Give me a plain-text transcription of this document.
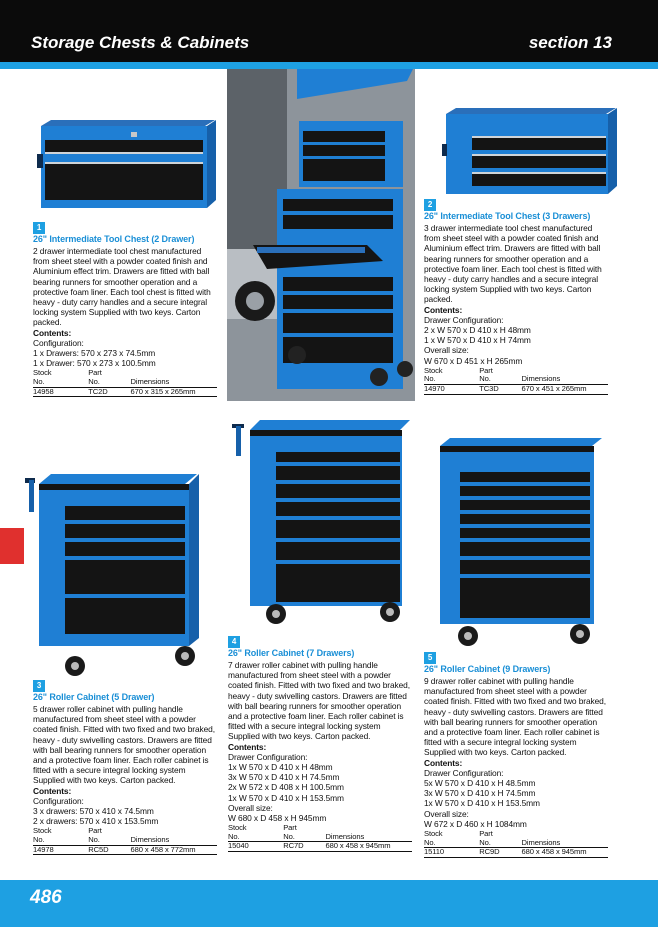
Storage Chests & Cabinets	section 13
1
26" Intermediate Tool Chest (2 Drawer)
2 drawer intermediate tool chest manufactured from sheet steel with a powder coated finish and Aluminium effect trim. Drawers are fitted with ball bearing runners for smoother operation and a protective foam liner. Each tool chest is fitted with heavy - duty carry handles and a secure integral locking system Supplied with two keys. Carton packed.
Contents:
Configuration:
1 x Drawers: 570 x 273 x 74.5mm
1 x Drawer: 570 x 273 x 100.5mm
Stock
No.	Part
No.	Dimensions
14958	TC2D	670 x 315 x 265mm
2
26" Intermediate Tool Chest (3 Drawers)
3 drawer intermediate tool chest manufactured from sheet steel with a powder coated finish and Aluminium effect trim. Drawers are fitted with ball bearing runners for smoother operation and a protective foam liner. Each tool chest is fitted with heavy - duty carry handles and a secure integral locking system Supplied with two keys. Carton packed.
Contents:
Drawer Configuration:
2 x W 570 x D 410 x H 48mm
1 x W 570 x D 410 x H 74mm
Overall size:
W 670 x D 451 x H 265mm
Stock
No.	Part
No.	Dimensions
14970	TC3D	670 x 451 x 265mm
3
26" Roller Cabinet (5 Drawer)
5 drawer roller cabinet with pulling handle manufactured from sheet steel with a powder coated finish. Fitted with two fixed and two braked, heavy - duty swivelling castors. Drawers are fitted with ball bearing runners for smoother operation and a protective foam liner. Each roller cabinet is fitted with a secure integral locking system Supplied with two keys. Carton packed.
Contents:
Configuration:
3 x drawers: 570 x 410 x 74.5mm
2 x drawers: 570 x 410 x 153.5mm
Stock
No.	Part
No.	Dimensions
14978	RC5D	680 x 458 x 772mm
4
26" Roller Cabinet (7 Drawers)
7 drawer roller cabinet with pulling handle manufactured from sheet steel with a powder coated finish. Fitted with two fixed and two braked, heavy - duty swivelling castors. Drawers are fitted with ball bearing runners for smoother operation and a protective foam liner. Each roller cabinet is fitted with a secure integral locking system Supplied with two keys. Carton packed.
Contents:
Drawer Configuration:
1x W 570 x D 410 x H 48mm
3x W 570 x D 410 x H 74.5mm
2x W 572 x D 408 x H 100.5mm
1x W 570 x D 410 x H 153.5mm
Overall size:
W 680 x D 458 x H 945mm
Stock
No.	Part
No.	Dimensions
15040	RC7D	680 x 458 x 945mm
5
26" Roller Cabinet (9 Drawers)
9 drawer roller cabinet with pulling handle manufactured from sheet steel with a powder coated finish. Fitted with two fixed and two braked, heavy - duty swivelling castors. Drawers are fitted with ball bearing runners for smoother operation and a protective foam liner. Each roller cabinet is fitted with a secure integral locking system Supplied with two keys. Carton packed.
Contents:
Drawer Configuration:
5x W 570 x D 410 x H 48.5mm
3x W 570 x D 410 x H 74.5mm
1x W 570 x D 410 x H 153.5mm
Overall size:
W 672 x D 460 x H 1084mm
Stock
No.	Part
No.	Dimensions
15110	RC9D	680 x 458 x 945mm
486
